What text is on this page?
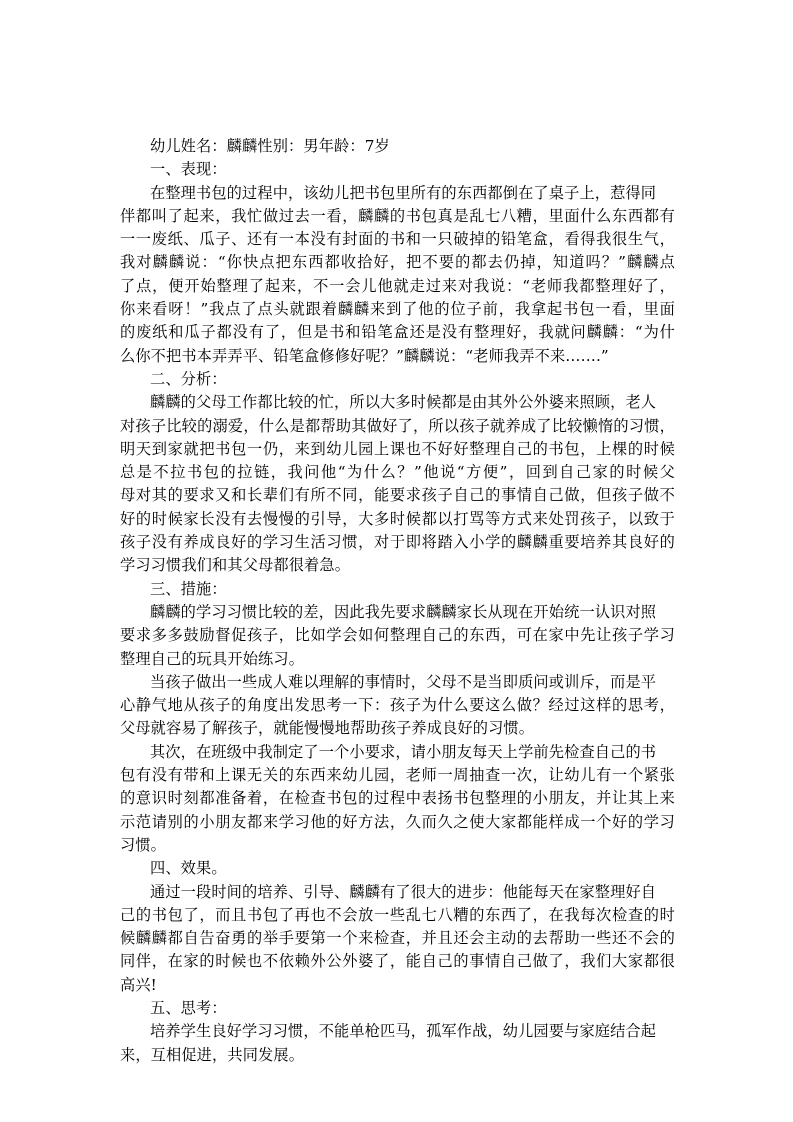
幼儿姓名：麟麟性别：男年龄：7岁
一、表现：
在整理书包的过程中，该幼儿把书包里所有的东西都倒在了桌子上，惹得同
伴都叫了起来，我忙做过去一看，麟麟的书包真是乱七八糟，里面什么东西都有
一一废纸、瓜子、还有一本没有封面的书和一只破掉的铅笔盒，看得我很生气，
我对麟麟说：“你快点把东西都收拾好，把不要的都去仍掉，知道吗？”麟麟点
了点，便开始整理了起来，不一会儿他就走过来对我说：“老师我都整理好了，
你来看呀！”我点了点头就跟着麟麟来到了他的位子前，我拿起书包一看，里面
的废纸和瓜子都没有了，但是书和铅笔盒还是没有整理好，我就问麟麟：“为什
么你不把书本弄弄平、铅笔盒修修好呢？”麟麟说：“老师我弄不来…….”
二、分析：
麟麟的父母工作都比较的忙，所以大多时候都是由其外公外婆来照顾，老人
对孩子比较的溺爱，什么是都帮助其做好了，所以孩子就养成了比较懒惰的习惯，
明天到家就把书包一仍，来到幼儿园上课也不好好整理自己的书包，上棵的时候
总是不拉书包的拉链，我问他“为什么？”他说“方便”，回到自己家的时候父
母对其的要求又和长辈们有所不同，能要求孩子自己的事情自己做，但孩子做不
好的时候家长没有去慢慢的引导，大多时候都以打骂等方式来处罚孩子，以致于
孩子没有养成良好的学习生活习惯，对于即将踏入小学的麟麟重要培养其良好的
学习习惯我们和其父母都很着急。
三、措施：
麟麟的学习习惯比较的差，因此我先要求麟麟家长从现在开始统一认识对照
要求多多鼓励督促孩子，比如学会如何整理自己的东西，可在家中先让孩子学习
整理自己的玩具开始练习。
当孩子做出一些成人难以理解的事情时，父母不是当即质问或训斥，而是平
心静气地从孩子的角度出发思考一下：孩子为什么要这么做？经过这样的思考，
父母就容易了解孩子，就能慢慢地帮助孩子养成良好的习惯。
其次，在班级中我制定了一个小要求，请小朋友每天上学前先检查自己的书
包有没有带和上课无关的东西来幼儿园，老师一周抽查一次，让幼儿有一个紧张
的意识时刻都准备着，在检查书包的过程中表扬书包整理的小朋友，并让其上来
示范请别的小朋友都来学习他的好方法，久而久之使大家都能样成一个好的学习
习惯。
四、效果。
通过一段时间的培养、引导、麟麟有了很大的进步：他能每天在家整理好自
己的书包了，而且书包了再也不会放一些乱七八糟的东西了，在我每次检查的时
候麟麟都自告奋勇的举手要第一个来检查，并且还会主动的去帮助一些还不会的
同伴，在家的时候也不依赖外公外婆了，能自己的事情自己做了，我们大家都很
高兴!
五、思考：
培养学生良好学习习惯，不能单枪匹马，孤军作战，幼儿园要与家庭结合起
来，互相促进，共同发展。
